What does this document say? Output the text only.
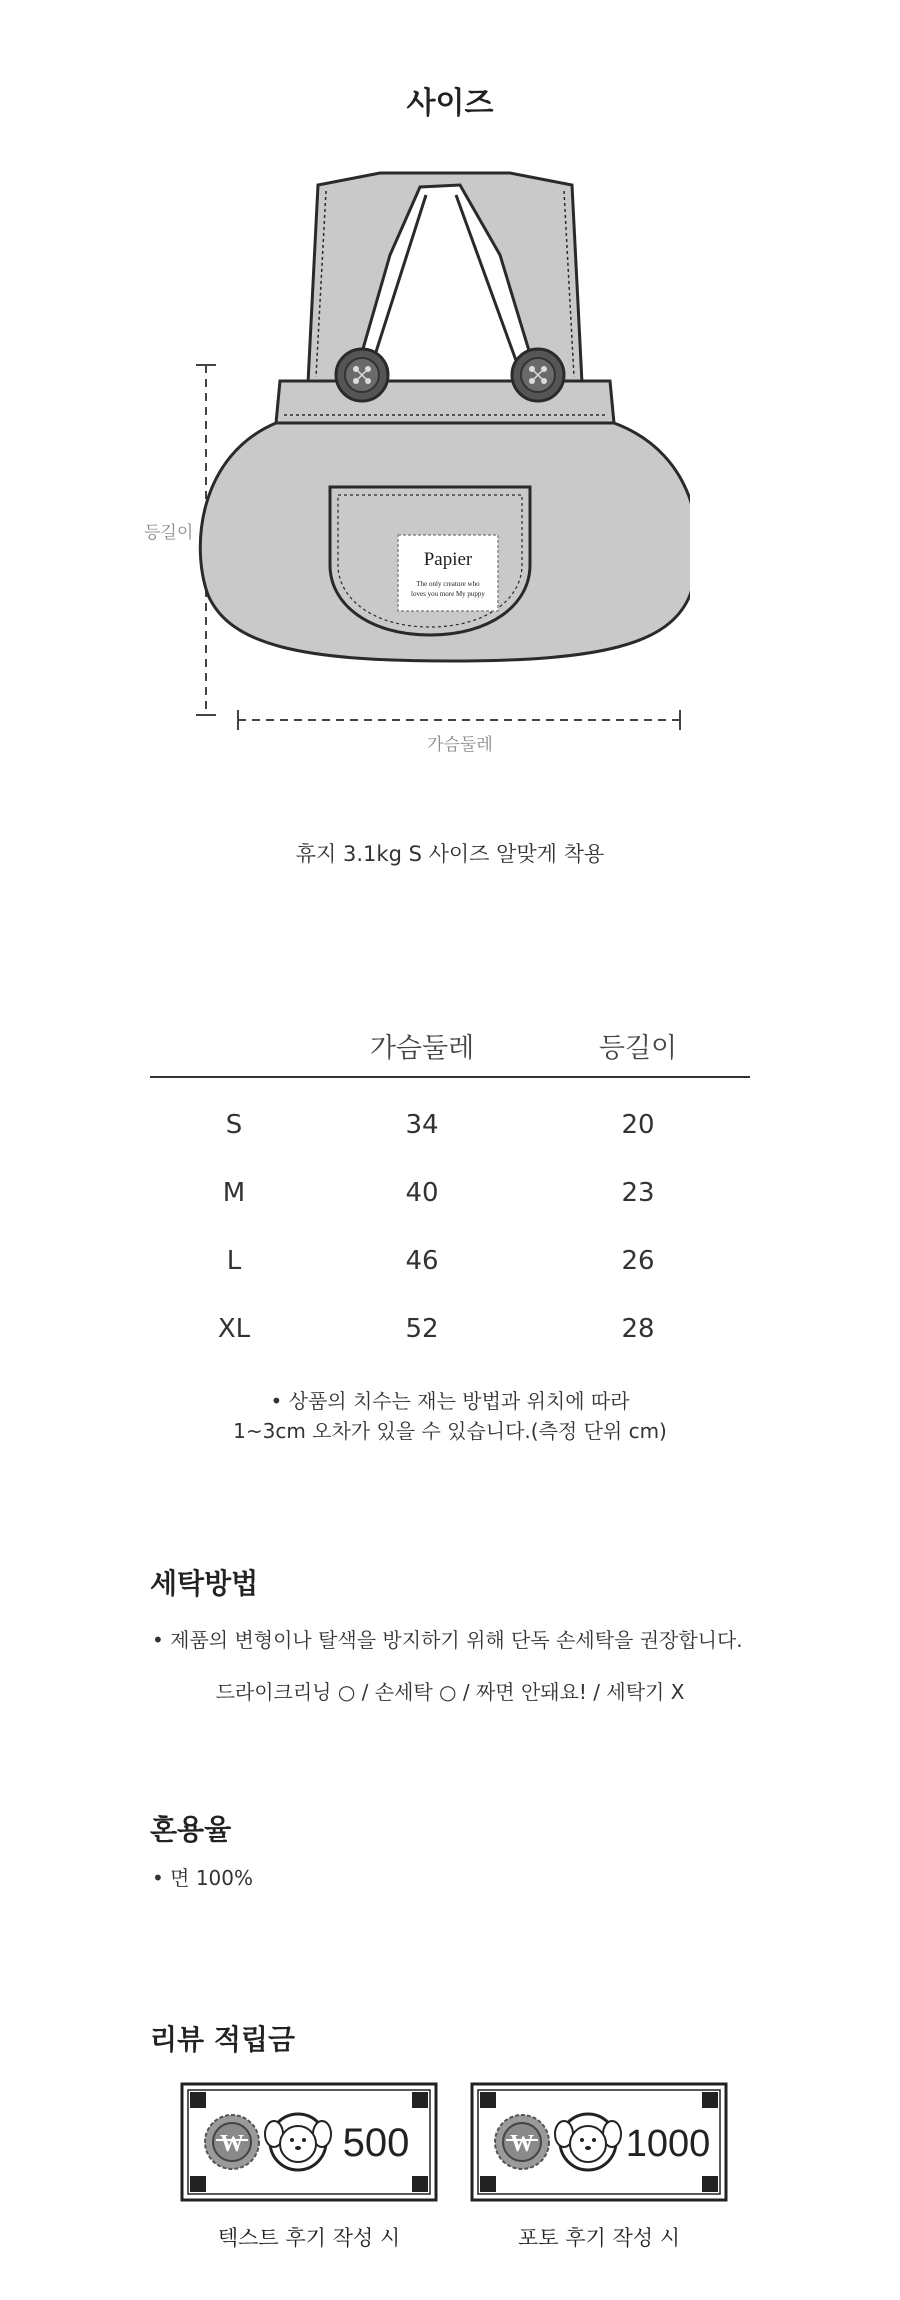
사이즈
Papier
The only creature who
loves you more My puppy
등길이
가슴둘레
휴지 3.1kg S 사이즈 알맞게 착용
가슴둘레	등길이
S	34	20
M	40	23
L	46	26
XL	52	28
• 상품의 치수는 재는 방법과 위치에 따라
1~3cm 오차가 있을 수 있습니다.(측정 단위 cm)
세탁방법
• 제품의 변형이나 탈색을 방지하기 위해 단독 손세탁을 권장합니다.
드라이크리닝 ○ / 손세탁 ○ / 짜면 안돼요! / 세탁기 X
혼용율
• 면 100%
리뷰 적립금
W 500
텍스트 후기 작성 시
W 1000
포토 후기 작성 시
